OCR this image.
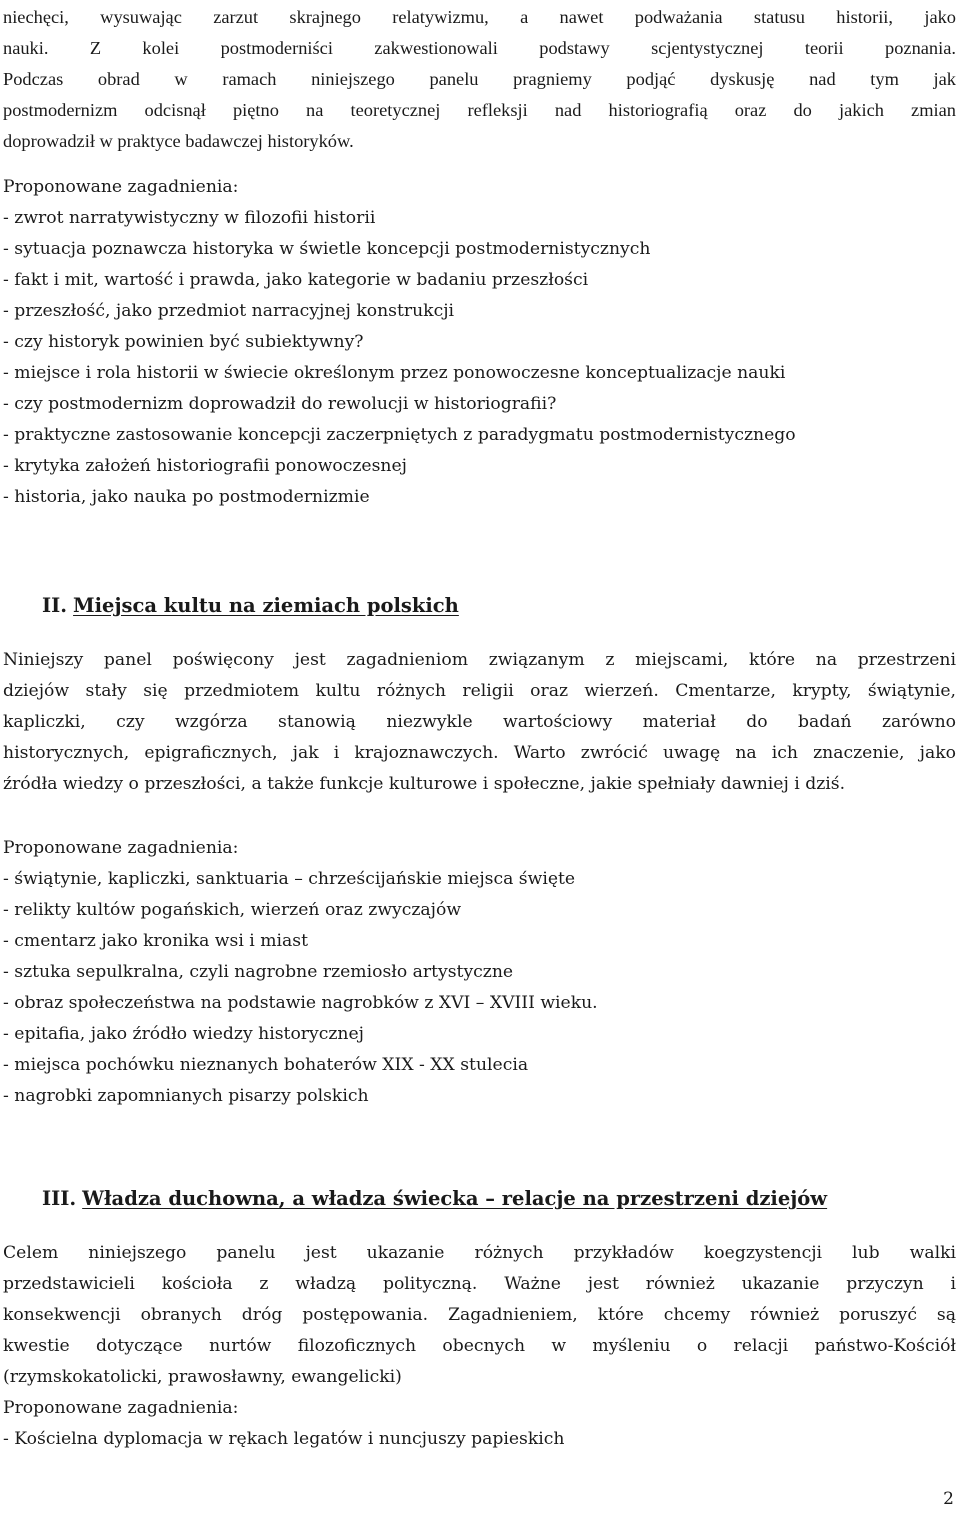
niechęci, wysuwając zarzut skrajnego relatywizmu, a nawet podważania statusu historii, jako
nauki. Z kolei postmoderniści zakwestionowali podstawy scjentystycznej teorii poznania.
Podczas obrad w ramach niniejszego panelu pragniemy podjąć dyskusję nad tym jak
postmodernizm odcisnął piętno na teoretycznej refleksji nad historiografią oraz do jakich zmian
doprowadził w praktyce badawczej historyków.
Proponowane zagadnienia:
- zwrot narratywistyczny w filozofii historii
- sytuacja poznawcza historyka w świetle koncepcji postmodernistycznych
- fakt i mit, wartość i prawda, jako kategorie w badaniu przeszłości
- przeszłość, jako przedmiot narracyjnej konstrukcji
- czy historyk powinien być subiektywny?
- miejsce i rola historii w świecie określonym przez ponowoczesne konceptualizacje nauki
- czy postmodernizm doprowadził do rewolucji w historiografii?
- praktyczne zastosowanie koncepcji zaczerpniętych z paradygmatu postmodernistycznego
- krytyka założeń historiografii ponowoczesnej
- historia, jako nauka po postmodernizmie
II. Miejsca kultu na ziemiach polskich
Niniejszy panel poświęcony jest zagadnieniom związanym z miejscami, które na przestrzeni
dziejów stały się przedmiotem kultu różnych religii oraz wierzeń. Cmentarze, krypty, świątynie,
kapliczki, czy wzgórza stanowią niezwykle wartościowy materiał do badań zarówno
historycznych, epigraficznych, jak i krajoznawczych. Warto zwrócić uwagę na ich znaczenie, jako
źródła wiedzy o przeszłości, a także funkcje kulturowe i społeczne, jakie spełniały dawniej i dziś.
Proponowane zagadnienia:
- świątynie, kapliczki, sanktuaria – chrześcijańskie miejsca święte
- relikty kultów pogańskich, wierzeń oraz zwyczajów
- cmentarz jako kronika wsi i miast
- sztuka sepulkralna, czyli nagrobne rzemiosło artystyczne
- obraz społeczeństwa na podstawie nagrobków z XVI – XVIII wieku.
- epitafia, jako źródło wiedzy historycznej
- miejsca pochówku nieznanych bohaterów XIX - XX stulecia
- nagrobki zapomnianych pisarzy polskich
III. Władza duchowna, a władza świecka – relacje na przestrzeni dziejów
Celem niniejszego panelu jest ukazanie różnych przykładów koegzystencji lub walki
przedstawicieli kościoła z władzą polityczną. Ważne jest również ukazanie przyczyn i
konsekwencji obranych dróg postępowania. Zagadnieniem, które chcemy również poruszyć są
kwestie dotyczące nurtów filozoficznych obecnych w myśleniu o relacji państwo-Kościół
(rzymskokatolicki, prawosławny, ewangelicki)
Proponowane zagadnienia:
- Kościelna dyplomacja w rękach legatów i nuncjuszy papieskich
2
